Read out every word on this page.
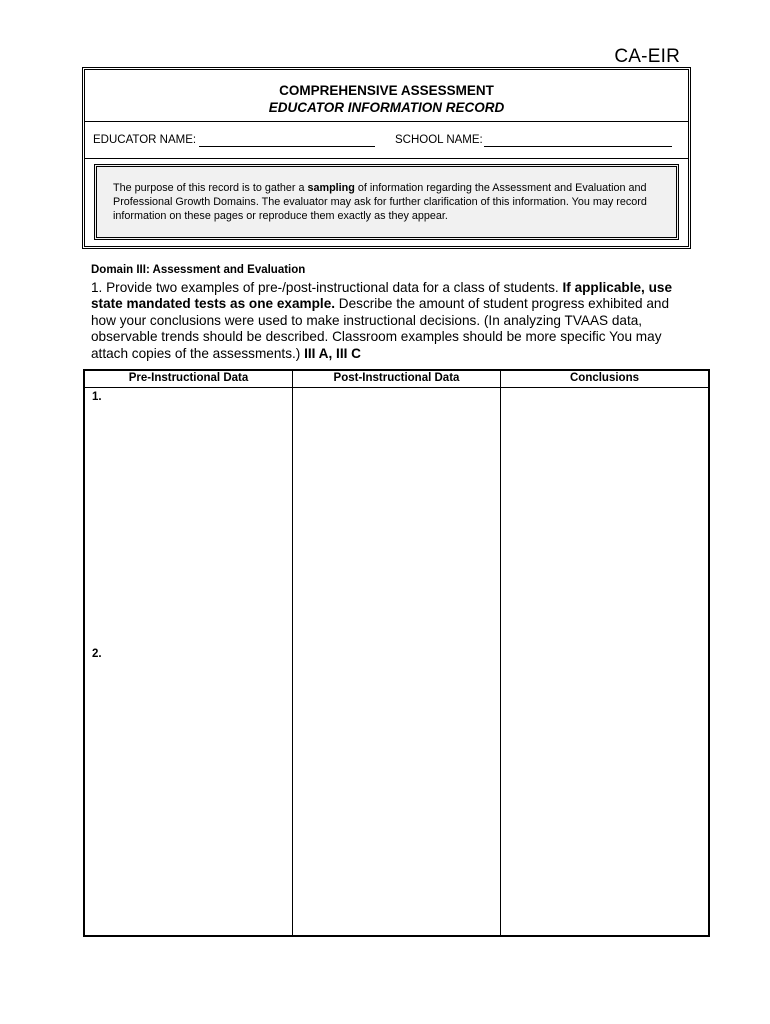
CA-EIR
COMPREHENSIVE ASSESSMENT
EDUCATOR INFORMATION RECORD
EDUCATOR NAME:	SCHOOL NAME:
The purpose of this record is to gather a sampling of information regarding the Assessment and Evaluation and Professional Growth Domains. The evaluator may ask for further clarification of this information. You may record information on these pages or reproduce them exactly as they appear.
Domain III: Assessment and Evaluation
1. Provide two examples of pre-/post-instructional data for a class of students. If applicable, use state mandated tests as one example. Describe the amount of student progress exhibited and how your conclusions were used to make instructional decisions. (In analyzing TVAAS data, observable trends should be described. Classroom examples should be more specific You may attach copies of the assessments.) III A, III C
Pre-Instructional Data	Post-Instructional Data	Conclusions
1.
2.
